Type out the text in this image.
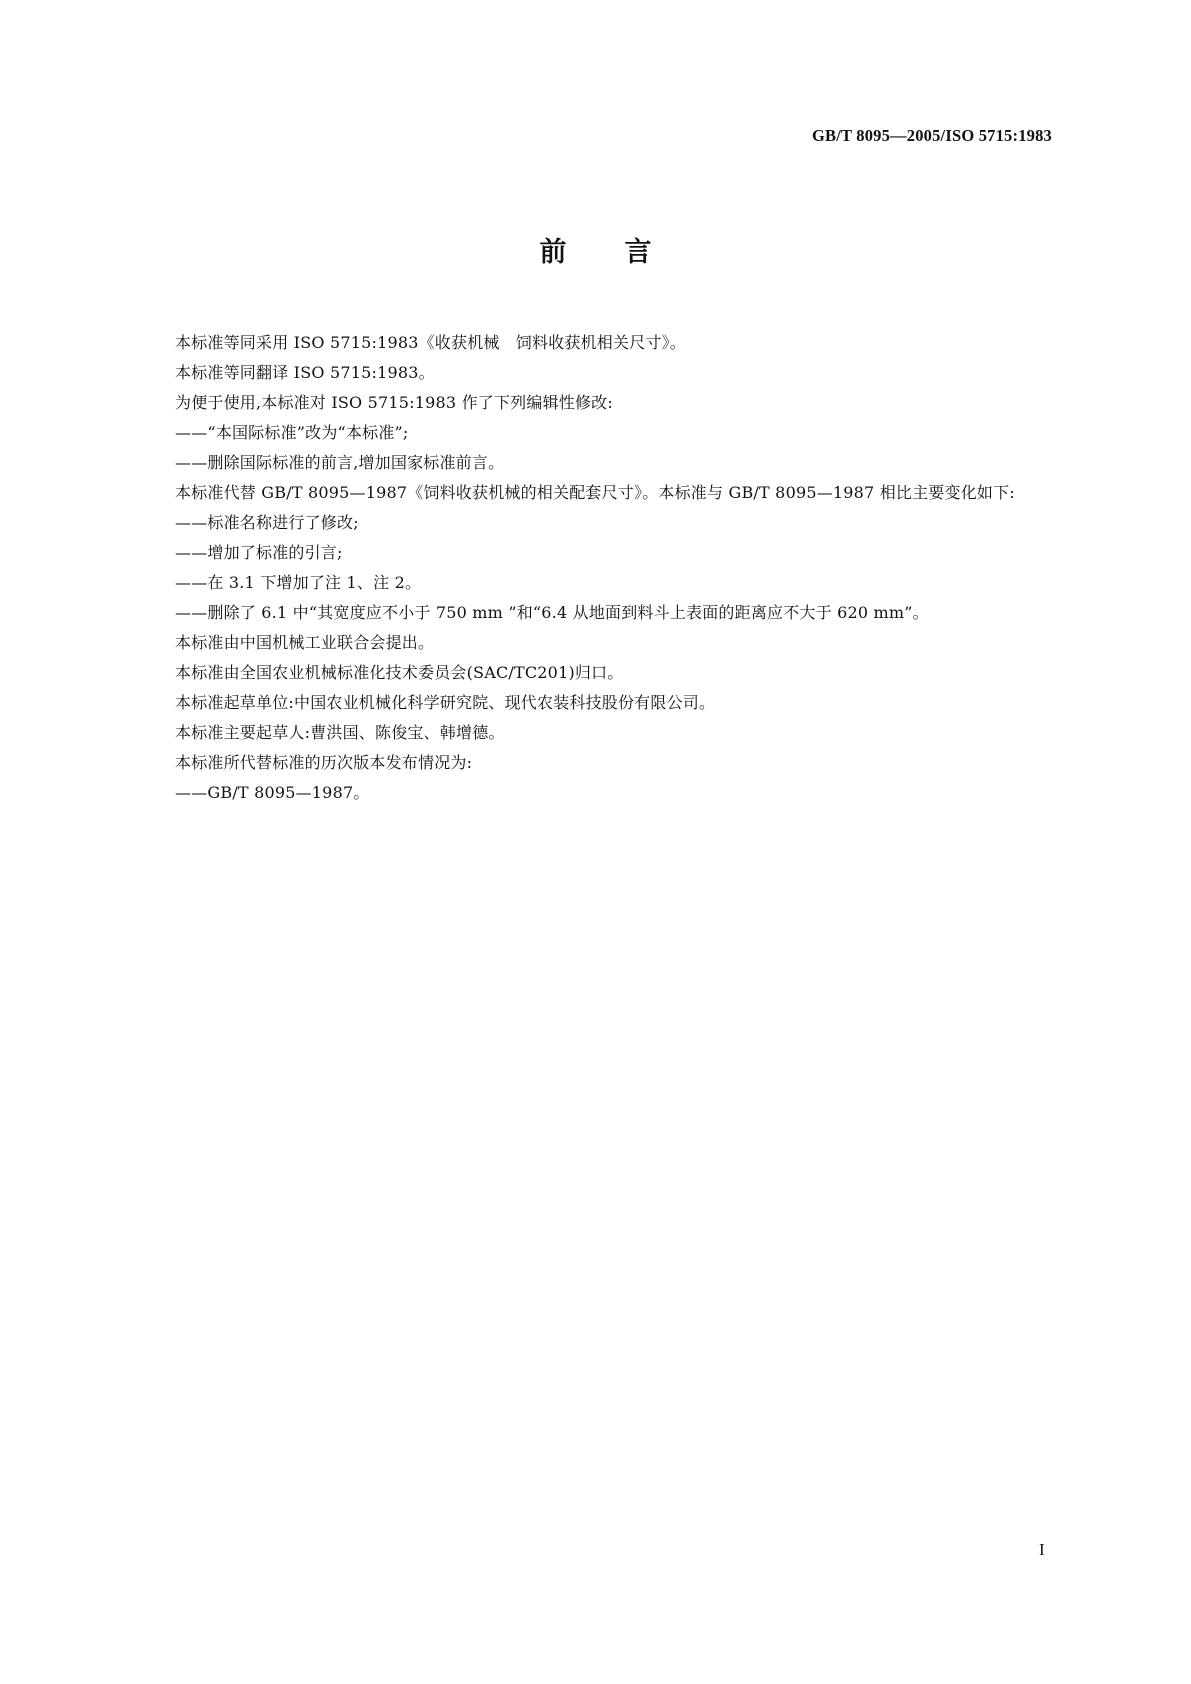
GB/T 8095—2005/ISO 5715:1983
前言

本标准等同采用 ISO 5715:1983《收获机械　饲料收获机相关尺寸》。

本标准等同翻译 ISO 5715:1983。

为便于使用,本标准对 ISO 5715:1983 作了下列编辑性修改:

——“本国际标准”改为“本标准”;

——删除国际标准的前言,增加国家标准前言。

本标准代替 GB/T 8095—1987《饲料收获机械的相关配套尺寸》。本标准与 GB/T 8095—1987 相比主要变化如下:

——标准名称进行了修改;

——增加了标准的引言;

——在 3.1 下增加了注 1、注 2。

——删除了 6.1 中“其宽度应不小于 750 mm ”和“6.4 从地面到料斗上表面的距离应不大于 620 mm”。

本标准由中国机械工业联合会提出。

本标准由全国农业机械标准化技术委员会(SAC/TC201)归口。

本标准起草单位:中国农业机械化科学研究院、现代农装科技股份有限公司。

本标准主要起草人:曹洪国、陈俊宝、韩增德。

本标准所代替标准的历次版本发布情况为:

——GB/T 8095—1987。

I
